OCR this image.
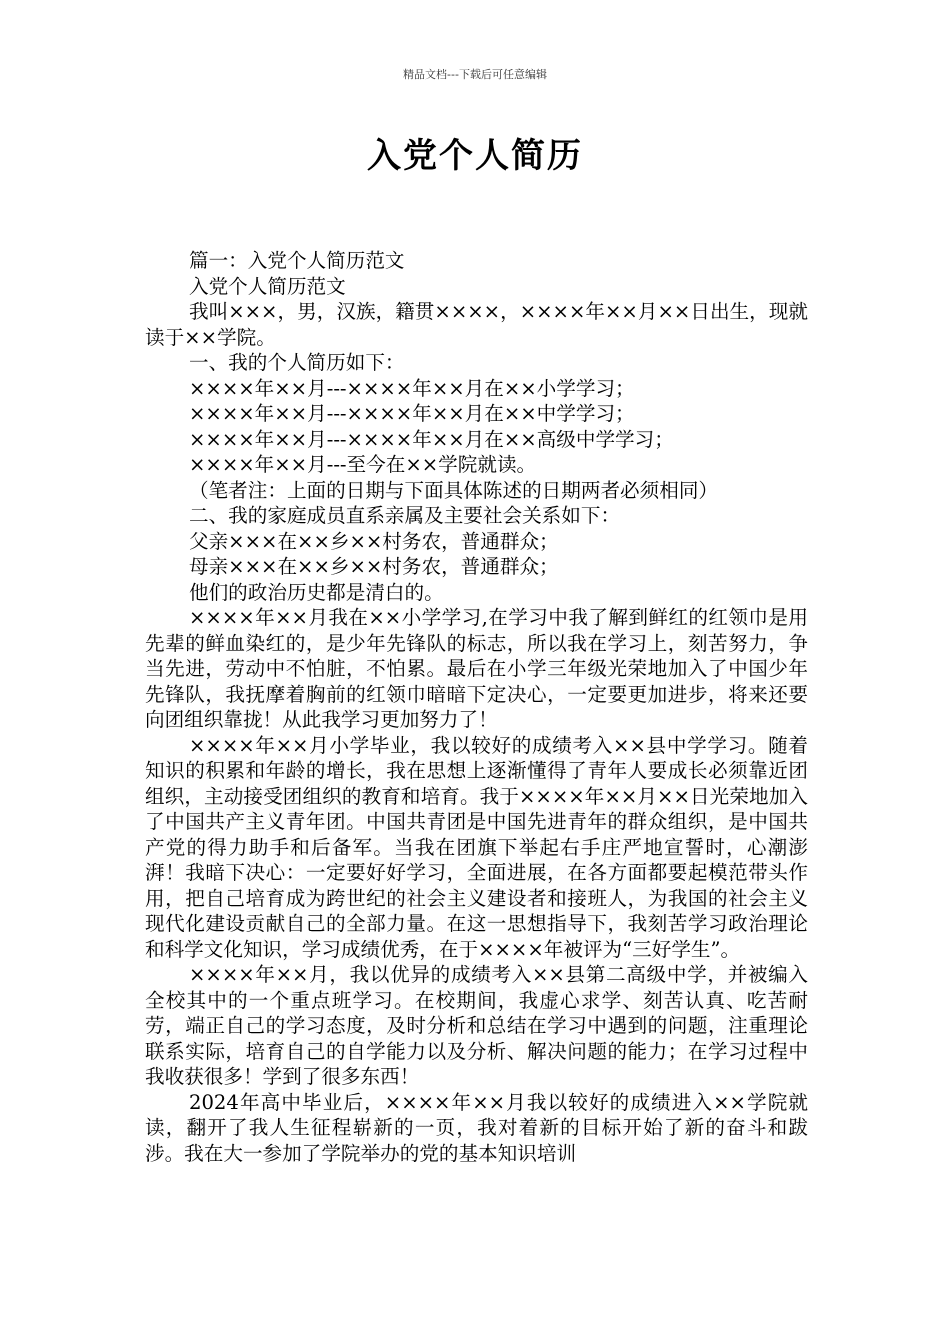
精品文档---下载后可任意编辑
入党个人简历

篇一：入党个人简历范文

入党个人简历范文

我叫×××，男，汉族，籍贯××××，××××年××月××日出生，现就读于××学院。

一、我的个人简历如下：

××××年××月---××××年××月在××小学学习；

××××年××月---××××年××月在××中学学习；

××××年××月---××××年××月在××高级中学学习；

××××年××月---至今在××学院就读。

（笔者注：上面的日期与下面具体陈述的日期两者必须相同）

二、我的家庭成员直系亲属及主要社会关系如下：

父亲×××在××乡××村务农，普通群众；

母亲×××在××乡××村务农，普通群众；

他们的政治历史都是清白的。

××××年××月我在××小学学习,在学习中我了解到鲜红的红领巾是用先辈的鲜血染红的，是少年先锋队的标志，所以我在学习上，刻苦努力，争当先进，劳动中不怕脏，不怕累。最后在小学三年级光荣地加入了中国少年先锋队，我抚摩着胸前的红领巾暗暗下定决心，一定要更加进步，将来还要向团组织靠拢！从此我学习更加努力了！

××××年××月小学毕业，我以较好的成绩考入××县中学学习。随着知识的积累和年龄的增长，我在思想上逐渐懂得了青年人要成长必须靠近团组织，主动接受团组织的教育和培育。我于××××年××月××日光荣地加入了中国共产主义青年团。中国共青团是中国先进青年的群众组织，是中国共产党的得力助手和后备军。当我在团旗下举起右手庄严地宣誓时，心潮澎湃！我暗下决心：一定要好好学习，全面进展，在各方面都要起模范带头作用，把自己培育成为跨世纪的社会主义建设者和接班人，为我国的社会主义现代化建设贡献自己的全部力量。在这一思想指导下，我刻苦学习政治理论和科学文化知识，学习成绩优秀，在于××××年被评为“三好学生”。

××××年××月，我以优异的成绩考入××县第二高级中学，并被编入全校其中的一个重点班学习。在校期间，我虚心求学、刻苦认真、吃苦耐劳，端正自己的学习态度，及时分析和总结在学习中遇到的问题，注重理论联系实际，培育自己的自学能力以及分析、解决问题的能力；在学习过程中我收获很多！学到了很多东西！

2024年高中毕业后，××××年××月我以较好的成绩进入××学院就读，翻开了我人生征程崭新的一页，我对着新的目标开始了新的奋斗和跋涉。我在大一参加了学院举办的党的基本知识培训
